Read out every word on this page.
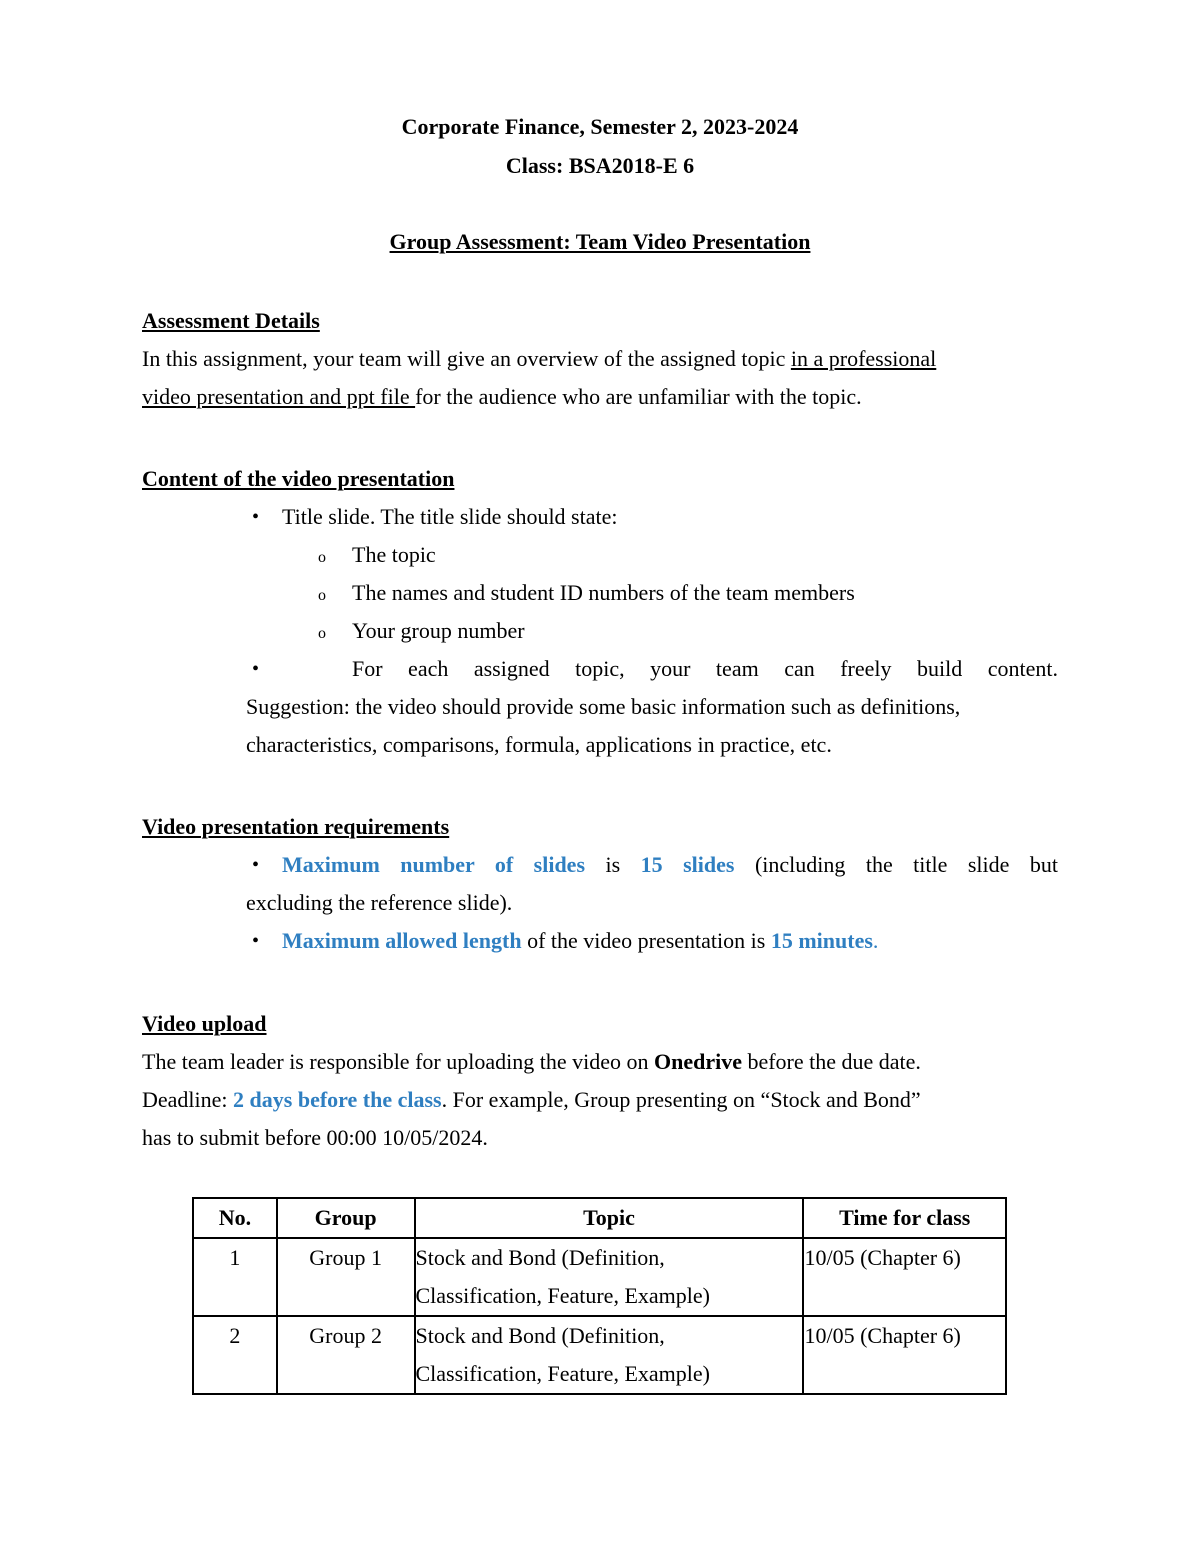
Corporate Finance, Semester 2, 2023-2024
Class: BSA2018-E 6
Group Assessment: Team Video Presentation
Assessment Details
In this assignment, your team will give an overview of the assigned topic in a professional
video presentation and ppt file for the audience who are unfamiliar with the topic.
Content of the video presentation
• Title slide. The title slide should state:
o The topic
o The names and student ID numbers of the team members
o Your group number
•	For each assigned topic, your team can freely build content.
Suggestion: the video should provide some basic information such as definitions,
characteristics, comparisons, formula, applications in practice, etc.
Video presentation requirements
• Maximum number of slides is 15 slides (including the title slide but
excluding the reference slide).
• Maximum allowed length of the video presentation is 15 minutes.
Video upload
The team leader is responsible for uploading the video on Onedrive before the due date.
Deadline: 2 days before the class. For example, Group presenting on “Stock and Bond”
has to submit before 00:00 10/05/2024.
No.	Group	Topic	Time for class
1	Group 1	Stock and Bond (Definition,
Classification, Feature, Example)	10/05 (Chapter 6)
2	Group 2	Stock and Bond (Definition,
Classification, Feature, Example)	10/05 (Chapter 6)
